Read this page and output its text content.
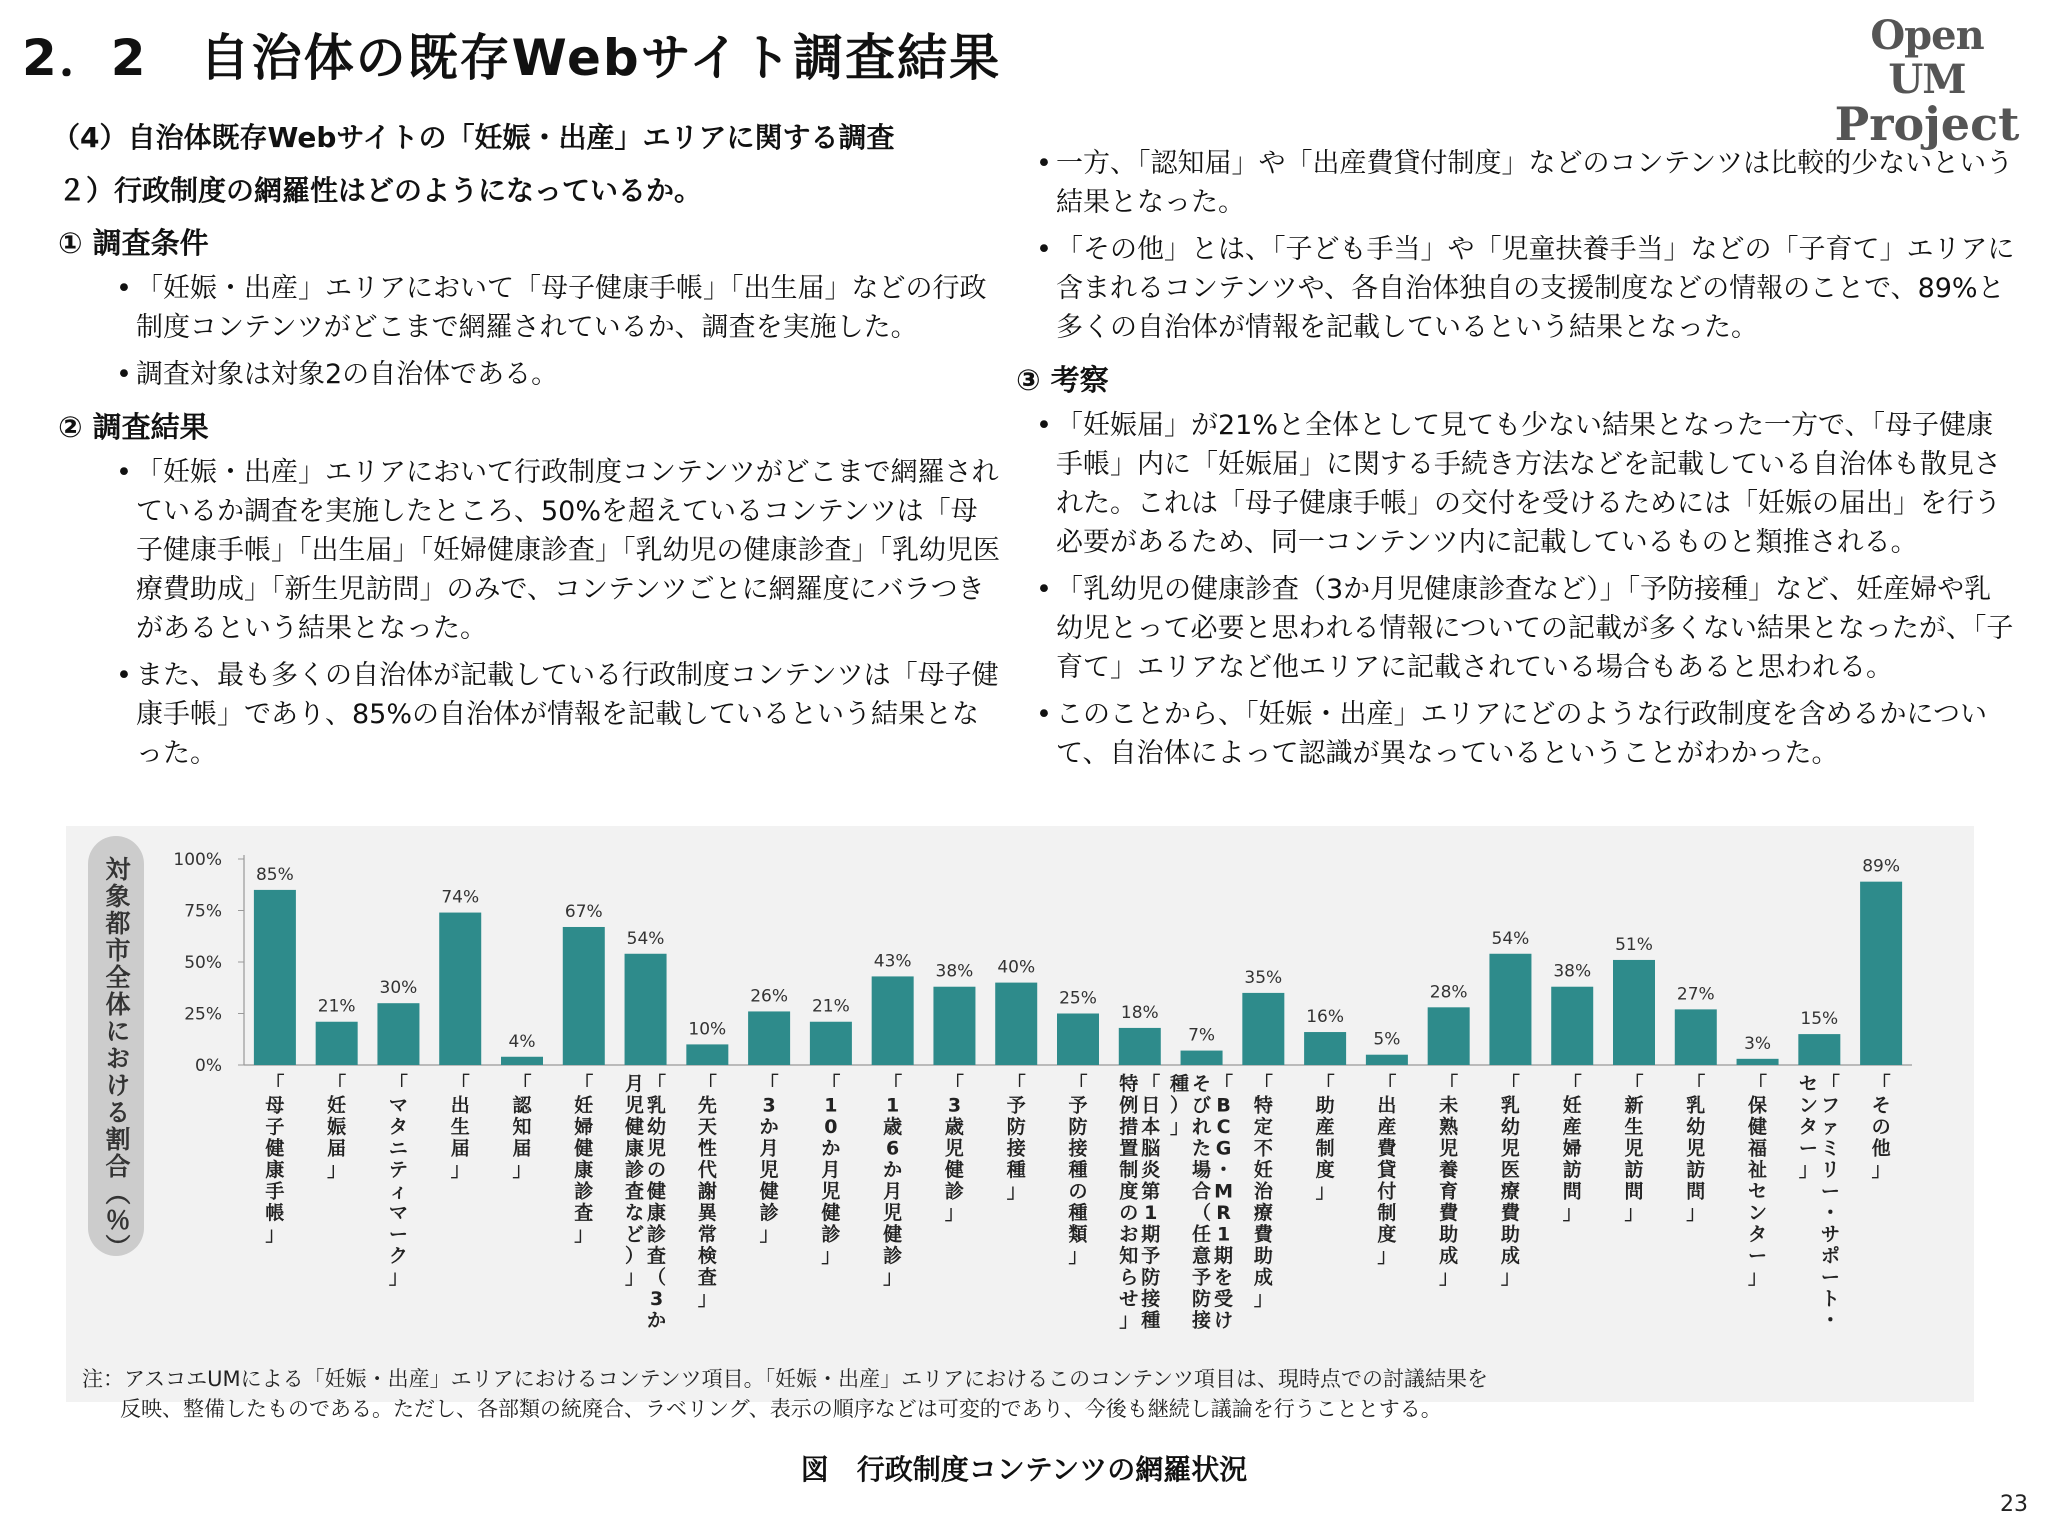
2．2　自治体の既存Webサイト調査結果	Open UM
Project
（4）自治体既存Webサイトの「妊娠・出産」エリアに関する調査
２）行政制度の網羅性はどのようになっているか。
① 調査条件
• 「妊娠・出産」エリアにおいて「母子健康手帳」「出生届」などの行政制度コンテンツがどこまで網羅されているか、調査を実施した。
• 調査対象は対象2の自治体である。
② 調査結果
• 「妊娠・出産」エリアにおいて行政制度コンテンツがどこまで網羅されているか調査を実施したところ、50%を超えているコンテンツは「母子健康手帳」「出生届」「妊婦健康診査」「乳幼児の健康診査」「乳幼児医療費助成」「新生児訪問」のみで、コンテンツごとに網羅度にバラつきがあるという結果となった。
• また、最も多くの自治体が記載している行政制度コンテンツは「母子健康手帳」であり、85%の自治体が情報を記載しているという結果となった。
• 一方、「認知届」や「出産費貸付制度」などのコンテンツは比較的少ないという結果となった。
• 「その他」とは、「子ども手当」や「児童扶養手当」などの「子育て」エリアに含まれるコンテンツや、各自治体独自の支援制度などの情報のことで、89%と多くの自治体が情報を記載しているという結果となった。
③ 考察
• 「妊娠届」が21%と全体として見ても少ない結果となった一方で、「母子健康手帳」内に「妊娠届」に関する手続き方法などを記載している自治体も散見された。これは「母子健康手帳」の交付を受けるためには「妊娠の届出」を行う必要があるため、同一コンテンツ内に記載しているものと類推される。
• 「乳幼児の健康診査（3か月児健康診査など）」「予防接種」など、妊産婦や乳幼児とって必要と思われる情報についての記載が多くない結果となったが、「子育て」エリアなど他エリアに記載されている場合もあると思われる。
• このことから、「妊娠・出産」エリアにどのような行政制度を含めるかについて、自治体によって認識が異なっているということがわかった。
対象都市全体における割合（％）	100%
75%
50%
25%
0%
85%
「母子健康手帳」
21%
「妊娠届」
30%
「マタニティマーク」
74%
「出生届」
4%
「認知届」
67%
「妊婦健康診査」
54%
「乳幼児の健康診査（ 3 か月児健康診査など）」
10%
「先天性代謝異常検査」
26%
「 3 か月児健診」
21%
「 1 0 か月児健診」
43%
「 1 歳 6 か月児健診」
38%
「 3 歳児健診」
40%
「予防接種」
25%
「予防接種の種類」
18%
「日本脳炎第 1 期予防接種特例措置制度のお知らせ」
7%
「 B C G ・ M R 1 期を受けそびれた場合（任意予防接種）」
35%
「特定不妊治療費助成」
16%
「助産制度」
5%
「出産費貸付制度」
28%
「未熟児養育費助成」
54%
「乳幼児医療費助成」
38%
「妊産婦訪問」
51%
「新生児訪問」
27%
「乳幼児訪問」
3%
「保健福祉センター」
15%
「ファミリー・サポート・センター」
89%
「その他」
注：アスコエUMによる「妊娠・出産」エリアにおけるコンテンツ項目。「妊娠・出産」エリアにおけるこのコンテンツ項目は、現時点での討議結果を
反映、整備したものである。ただし、各部類の統廃合、ラベリング、表示の順序などは可変的であり、今後も継続し議論を行うこととする。
図　行政制度コンテンツの網羅状況
23
